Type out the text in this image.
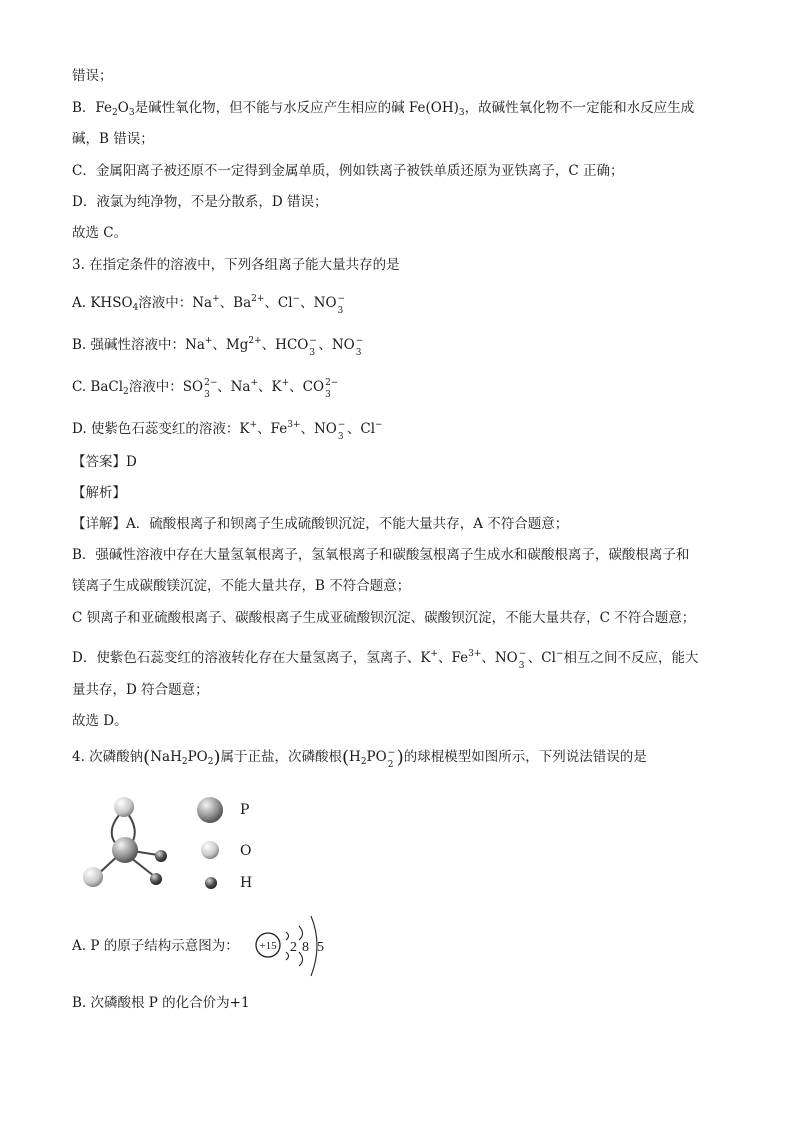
错误；
B．$Fe_2O_3$是碱性氧化物，但不能与水反应产生相应的碱 $Fe(OH)_3$，故碱性氧化物不一定能和水反应生成
碱，B 错误；
C．金属阳离子被还原不一定得到金属单质，例如铁离子被铁单质还原为亚铁离子，C 正确；
D．液氯为纯净物，不是分散系，D 错误；
故选 C。
3. 在指定条件的溶液中，下列各组离子能大量共存的是
A. $KHSO_4$溶液中：Na+、$Ba^{2+}$、Cl−、NO −
3
B. 强碱性溶液中：Na+、$Mg^{2+}$、HCO −
3 、NO −
3
C. BaCl$_2$溶液中：SO 2−
3 、Na+、K+、CO 2−
3
D. 使紫色石蕊变红的溶液：K+、$Fe^{3+}$、NO −
3 、Cl−
【答案】D
【解析】
【详解】A．硫酸根离子和钡离子生成硫酸钡沉淀，不能大量共存，A 不符合题意；
B．强碱性溶液中存在大量氢氧根离子，氢氧根离子和碳酸氢根离子生成水和碳酸根离子，碳酸根离子和
镁离子生成碳酸镁沉淀，不能大量共存，B 不符合题意；
C 钡离子和亚硫酸根离子、碳酸根离子生成亚硫酸钡沉淀、碳酸钡沉淀，不能大量共存，C 不符合题意；
D．使紫色石蕊变红的溶液转化存在大量氢离子，氢离子、K+、$Fe^{3+}$、NO −
3 、Cl−相互之间不反应，能大
量共存，D 符合题意；
故选 D。
4. 次磷酸钠$(NaH_2PO_2)$属于正盐，次磷酸根($H_2PO$ −
2 )的球棍模型如图所示，下列说法错误的是
P
O
H
A. P 的原子结构示意图为： +15 2 8 5
B. 次磷酸根 P 的化合价为+1
